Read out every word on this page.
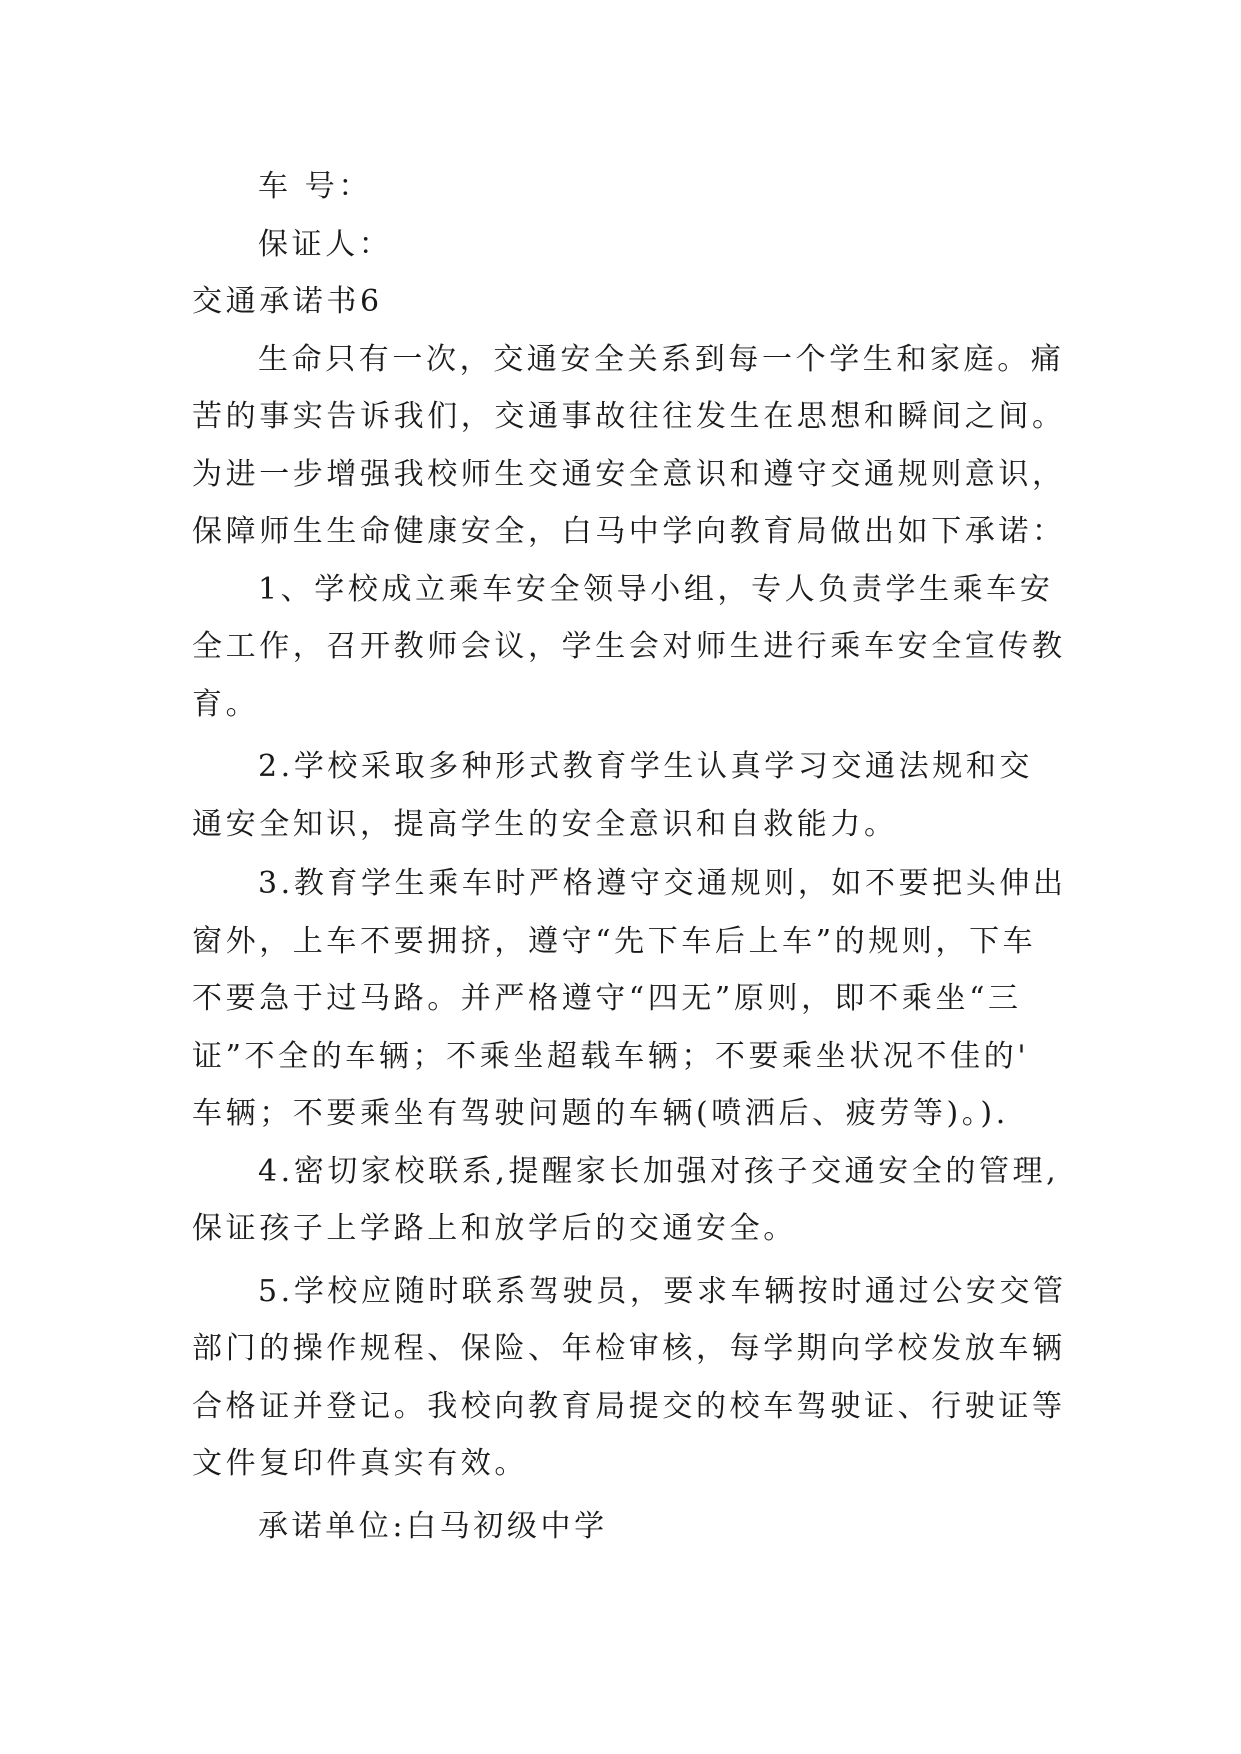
车 号：
保证人：
交通承诺书6
生命只有一次，交通安全关系到每一个学生和家庭。痛
苦的事实告诉我们，交通事故往往发生在思想和瞬间之间。
为进一步增强我校师生交通安全意识和遵守交通规则意识，
保障师生生命健康安全，白马中学向教育局做出如下承诺：
1、学校成立乘车安全领导小组，专人负责学生乘车安
全工作，召开教师会议，学生会对师生进行乘车安全宣传教
育。
2.学校采取多种形式教育学生认真学习交通法规和交
通安全知识，提高学生的安全意识和自救能力。
3.教育学生乘车时严格遵守交通规则，如不要把头伸出
窗外，上车不要拥挤，遵守“先下车后上车”的规则，下车
不要急于过马路。并严格遵守“四无”原则，即不乘坐“三
证”不全的车辆；不乘坐超载车辆；不要乘坐状况不佳的'
车辆；不要乘坐有驾驶问题的车辆(喷洒后、疲劳等)。).
4.密切家校联系,提醒家长加强对孩子交通安全的管理,
保证孩子上学路上和放学后的交通安全。
5.学校应随时联系驾驶员，要求车辆按时通过公安交管
部门的操作规程、保险、年检审核，每学期向学校发放车辆
合格证并登记。我校向教育局提交的校车驾驶证、行驶证等
文件复印件真实有效。
承诺单位:白马初级中学
